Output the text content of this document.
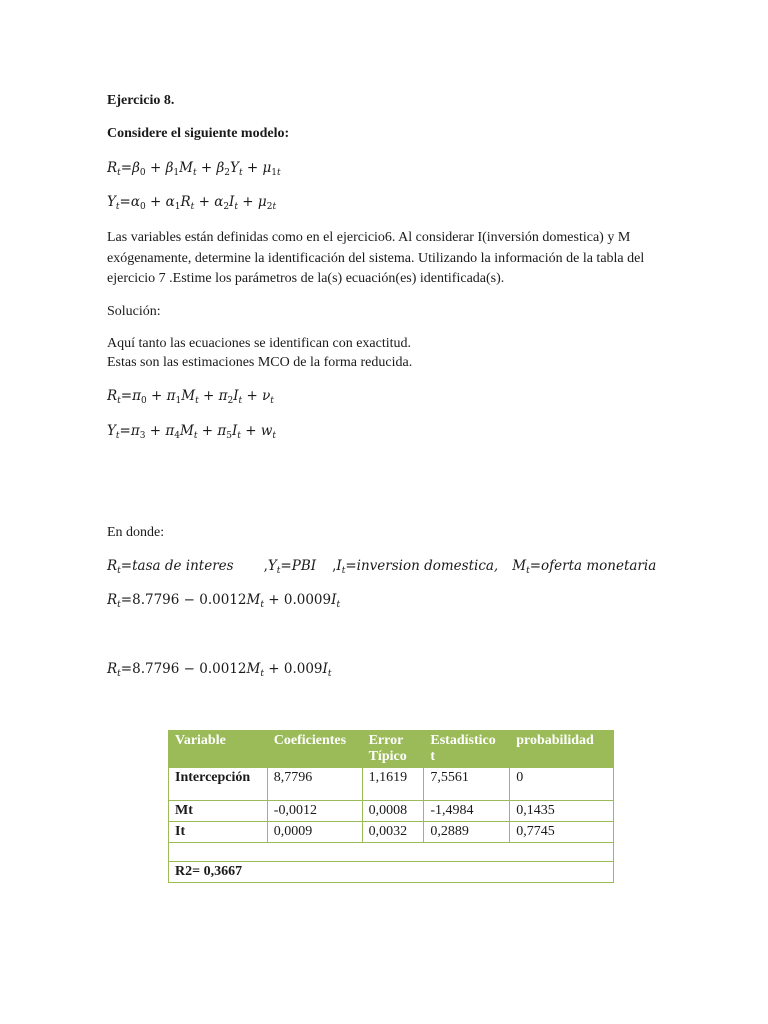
Ejercicio 8.
Considere el siguiente modelo:
$R_t=\beta_0 + \beta_1M_t + \beta_2Y_t + \mu_{1t}$
$Y_t=\alpha_0 + \alpha_1R_t + \alpha_2I_t + \mu_{2t}$
Las variables están definidas como en el ejercicio6. Al considerar I(inversión domestica) y M exógenamente, determine la identificación del sistema. Utilizando la información de la tabla del ejercicio 7 .Estime los parámetros de la(s) ecuación(es) identificada(s).
Solución:
Aquí tanto las ecuaciones se identifican con exactitud.
Estas son las estimaciones MCO de la forma reducida.
$R_t=\pi_0 + \pi_1M_t + \pi_2I_t + \nu_t$
$Y_t=\pi_3 + \pi_4M_t + \pi_5I_t + w_t$
En donde:
$R_t=tasa$ de interes $,Y_t=PBI$ $,I_t=inversion$ domestica, $M_t=oferta$ monetaria
$R_t=8.7796 - 0.0012M_t + 0.0009I_t$
$R_t=8.7796 - 0.0012M_t + 0.009I_t$
Variable	Coeficientes	Error Típico	Estadístico t	probabilidad
Intercepción	8,7796	1,1619	7,5561	0
Mt	-0,0012	0,0008	-1,4984	0,1435
It	0,0009	0,0032	0,2889	0,7745

R2= 0,3667				
